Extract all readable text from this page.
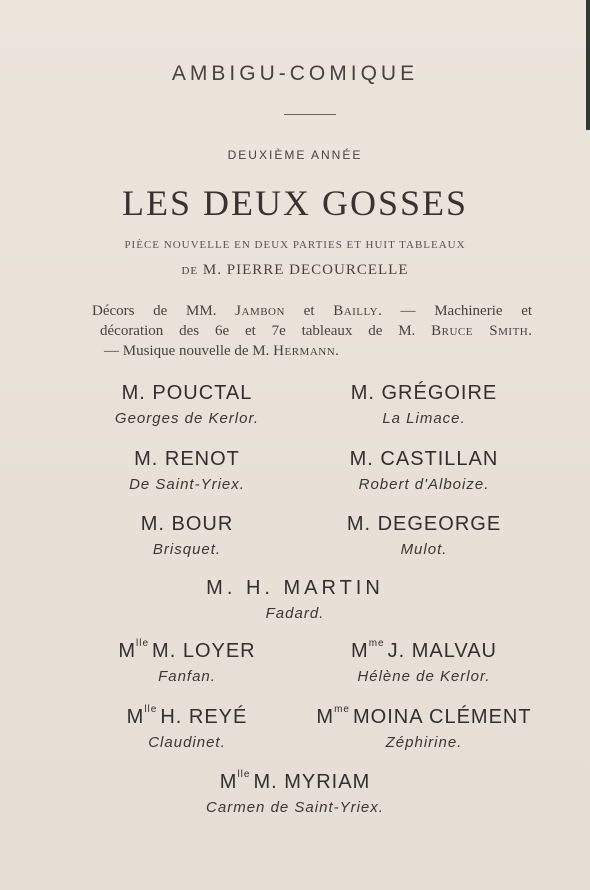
AMBIGU-COMIQUE
DEUXIÈME ANNÉE
LES DEUX GOSSES
PIÈCE NOUVELLE EN DEUX PARTIES ET HUIT TABLEAUX
DE M. PIERRE DECOURCELLE
Décors de MM. Jambon et Bailly. — Machinerie et
décoration des 6e et 7e tableaux de M. Bruce Smith.
— Musique nouvelle de M. Hermann.
M. POUCTAL
Georges de Kerlor.
M. GRÉGOIRE
La Limace.
M. RENOT
De Saint-Yriex.
M. CASTILLAN
Robert d'Alboize.
M. BOUR
Brisquet.
M. DEGEORGE
Mulot.
M. H. MARTIN
Fadard.
$M^{lle}$ M. LOYER
Fanfan.
$M^{me}$ J. MALVAU
Hélène de Kerlor.
$M^{lle}$ H. REYÉ
Claudinet.
$M^{me}$ MOINA CLÉMENT
Zéphirine.
$M^{lle}$ M. MYRIAM
Carmen de Saint-Yriex.
